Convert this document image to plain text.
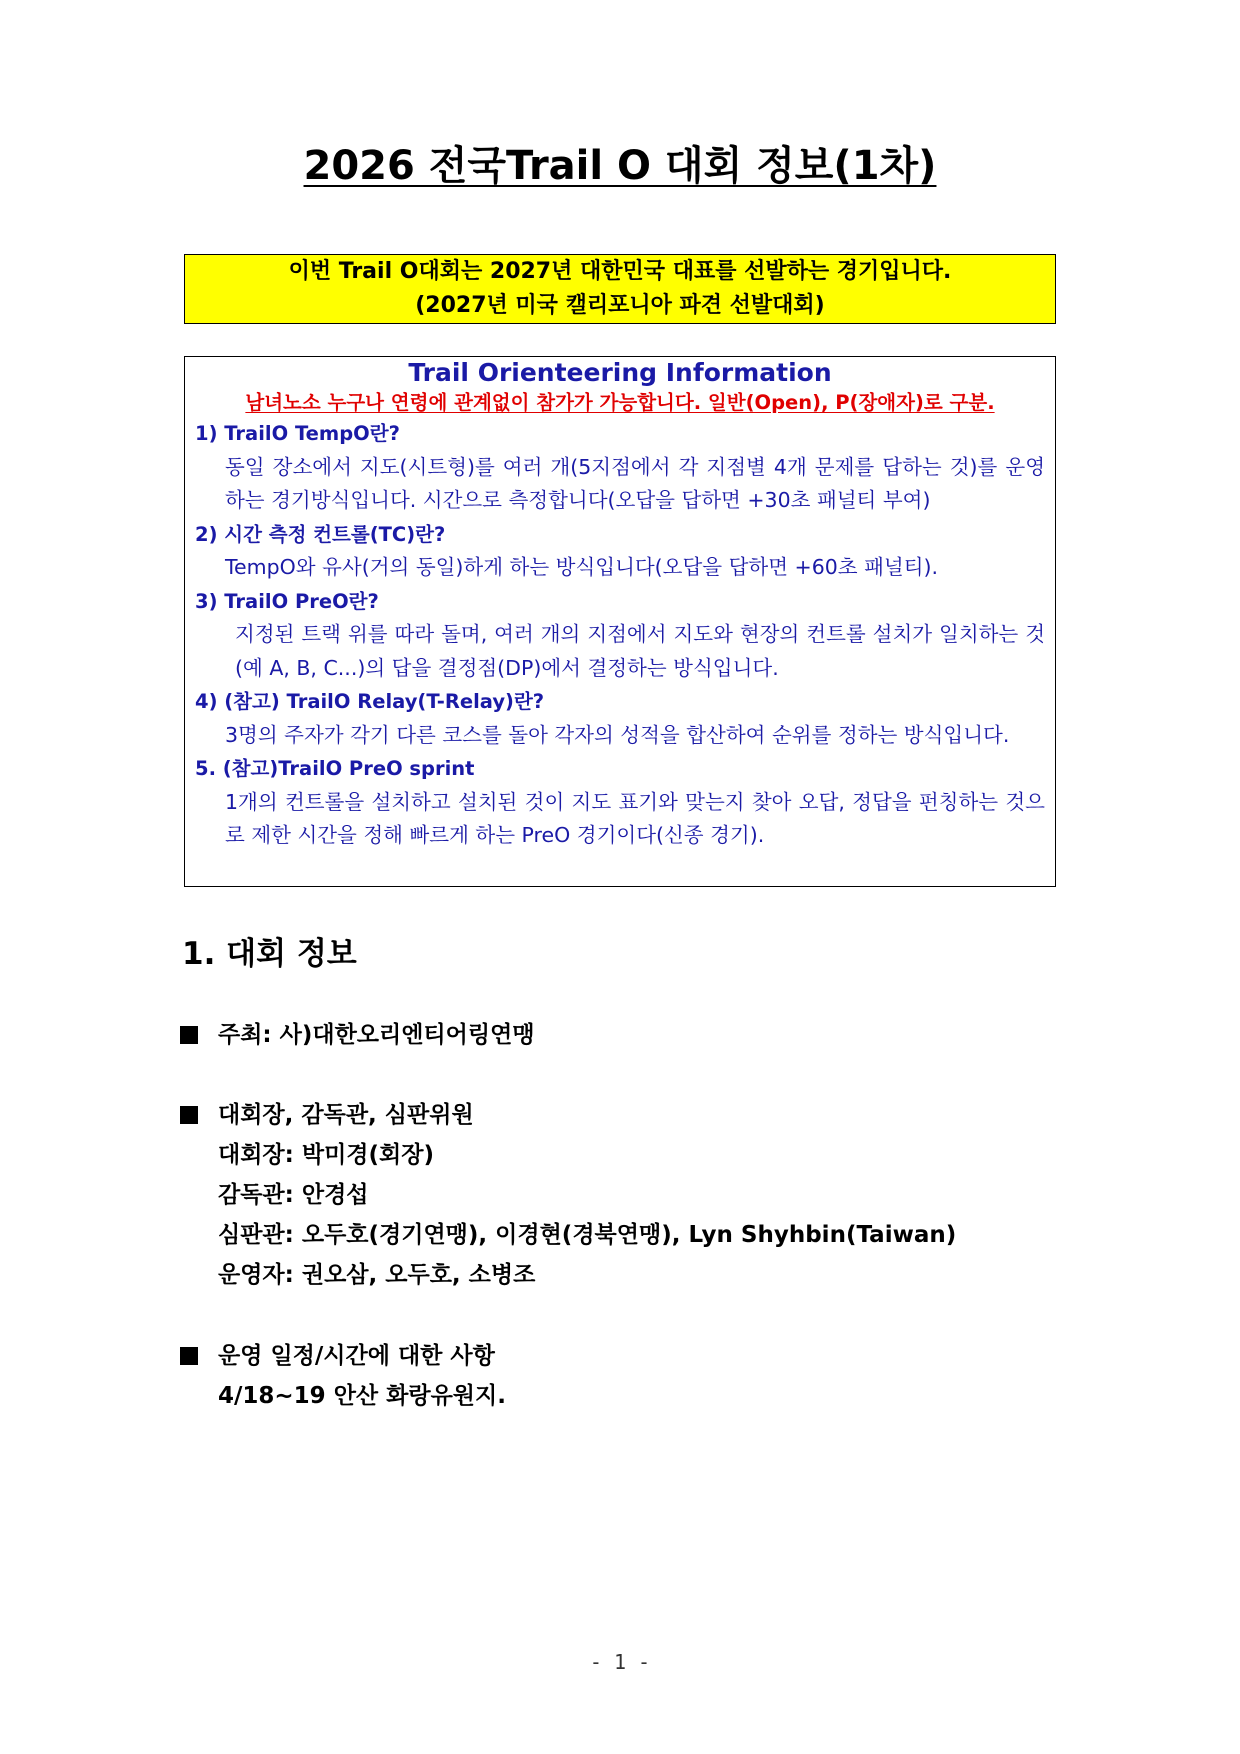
2026 전국Trail O 대회 정보(1차)
이번 Trail O대회는 2027년 대한민국 대표를 선발하는 경기입니다.
(2027년 미국 캘리포니아 파견 선발대회)
Trail Orienteering Information
남녀노소 누구나 연령에 관계없이 참가가 가능합니다. 일반(Open), P(장애자)로 구분.
1) TrailO TempO란?
동일 장소에서 지도(시트형)를 여러 개(5지점에서 각 지점별 4개 문제를 답하는 것)를 운영하는 경기방식입니다. 시간으로 측정합니다(오답을 답하면 +30초 패널티 부여)
2) 시간 측정 컨트롤(TC)란?
TempO와 유사(거의 동일)하게 하는 방식입니다(오답을 답하면 +60초 패널티).
3) TrailO PreO란?
지정된 트랙 위를 따라 돌며, 여러 개의 지점에서 지도와 현장의 컨트롤 설치가 일치하는 것(예 A, B, C...)의 답을 결정점(DP)에서 결정하는 방식입니다.
4) (참고) TrailO Relay(T-Relay)란?
3명의 주자가 각기 다른 코스를 돌아 각자의 성적을 합산하여 순위를 정하는 방식입니다.
5. (참고)TrailO PreO sprint
1개의 컨트롤을 설치하고 설치된 것이 지도 표기와 맞는지 찾아 오답, 정답을 펀칭하는 것으로 제한 시간을 정해 빠르게 하는 PreO 경기이다(신종 경기).
1. 대회 정보
주최: 사)대한오리엔티어링연맹
대회장, 감독관, 심판위원
대회장: 박미경(회장)
감독관: 안경섭
심판관: 오두호(경기연맹), 이경현(경북연맹), Lyn Shyhbin(Taiwan)
운영자: 권오삼, 오두호, 소병조
운영 일정/시간에 대한 사항
4/18~19 안산 화랑유원지.
- 1 -
